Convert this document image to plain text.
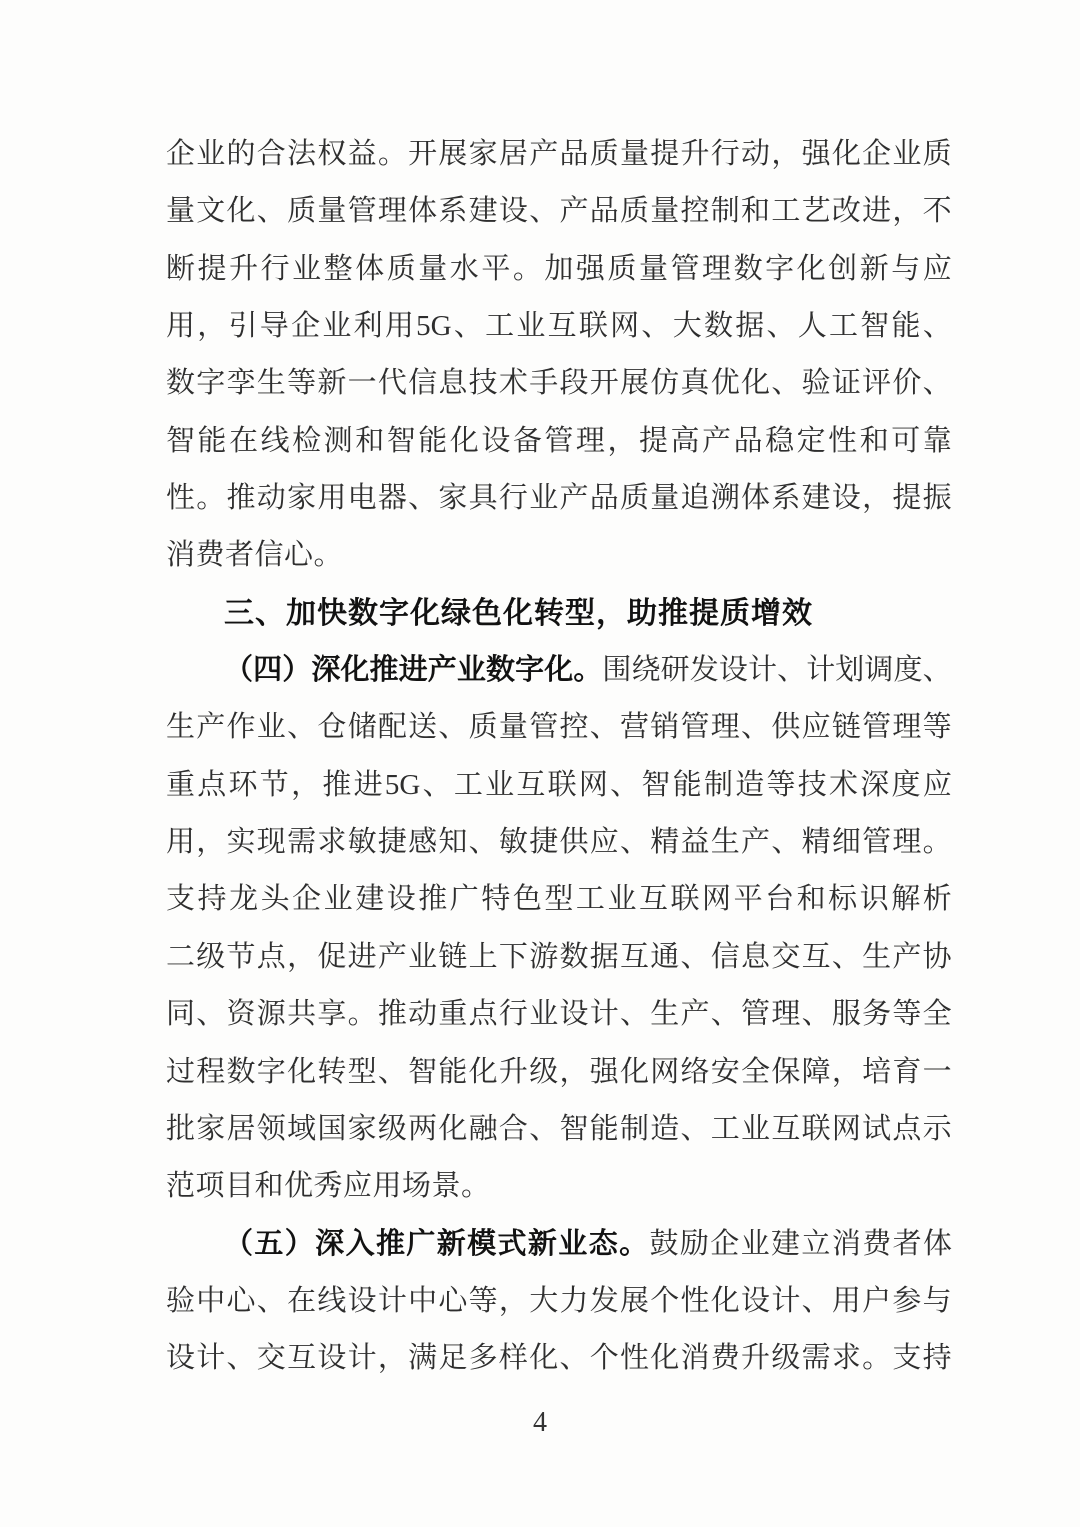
企 业 的 合 法 权 益 。 开 展 家 居 产 品 质 量 提 升 行 动 ， 强 化 企 业 质
量 文 化 、 质 量 管 理 体 系 建 设 、 产 品 质 量 控 制 和 工 艺 改 进 ， 不
断 提 升 行 业 整 体 质 量 水 平 。 加 强 质 量 管 理 数 字 化 创 新 与 应
用 ， 引 导 企 业 利 用 5G 、 工 业 互 联 网 、 大 数 据 、 人 工 智 能 、
数 字 孪 生 等 新 一 代 信 息 技 术 手 段 开 展 仿 真 优 化 、 验 证 评 价 、
智 能 在 线 检 测 和 智 能 化 设 备 管 理 ， 提 高 产 品 稳 定 性 和 可 靠
性 。 推 动 家 用 电 器 、 家 具 行 业 产 品 质 量 追 溯 体 系 建 设 ， 提 振
消费者信心。
三、加快数字化绿色化转型，助推提质增效
（ 四 ） 深 化 推 进 产 业 数 字 化 。 围 绕 研 发 设 计 、 计 划 调 度 、
生 产 作 业 、 仓 储 配 送 、 质 量 管 控 、 营 销 管 理 、 供 应 链 管 理 等
重 点 环 节 ， 推 进 5G 、 工 业 互 联 网 、 智 能 制 造 等 技 术 深 度 应
用 ， 实 现 需 求 敏 捷 感 知 、 敏 捷 供 应 、 精 益 生 产 、 精 细 管 理 。
支 持 龙 头 企 业 建 设 推 广 特 色 型 工 业 互 联 网 平 台 和 标 识 解 析
二 级 节 点 ， 促 进 产 业 链 上 下 游 数 据 互 通 、 信 息 交 互 、 生 产 协
同 、 资 源 共 享 。 推 动 重 点 行 业 设 计 、 生 产 、 管 理 、 服 务 等 全
过 程 数 字 化 转 型 、 智 能 化 升 级 ， 强 化 网 络 安 全 保 障 ， 培 育 一
批 家 居 领 域 国 家 级 两 化 融 合 、 智 能 制 造 、 工 业 互 联 网 试 点 示
范项目和优秀应用场景。
（ 五 ） 深 入 推 广 新 模 式 新 业 态 。 鼓 励 企 业 建 立 消 费 者 体
验 中 心 、 在 线 设 计 中 心 等 ， 大 力 发 展 个 性 化 设 计 、 用 户 参 与
设 计 、 交 互 设 计 ， 满 足 多 样 化 、 个 性 化 消 费 升 级 需 求 。 支 持
4
